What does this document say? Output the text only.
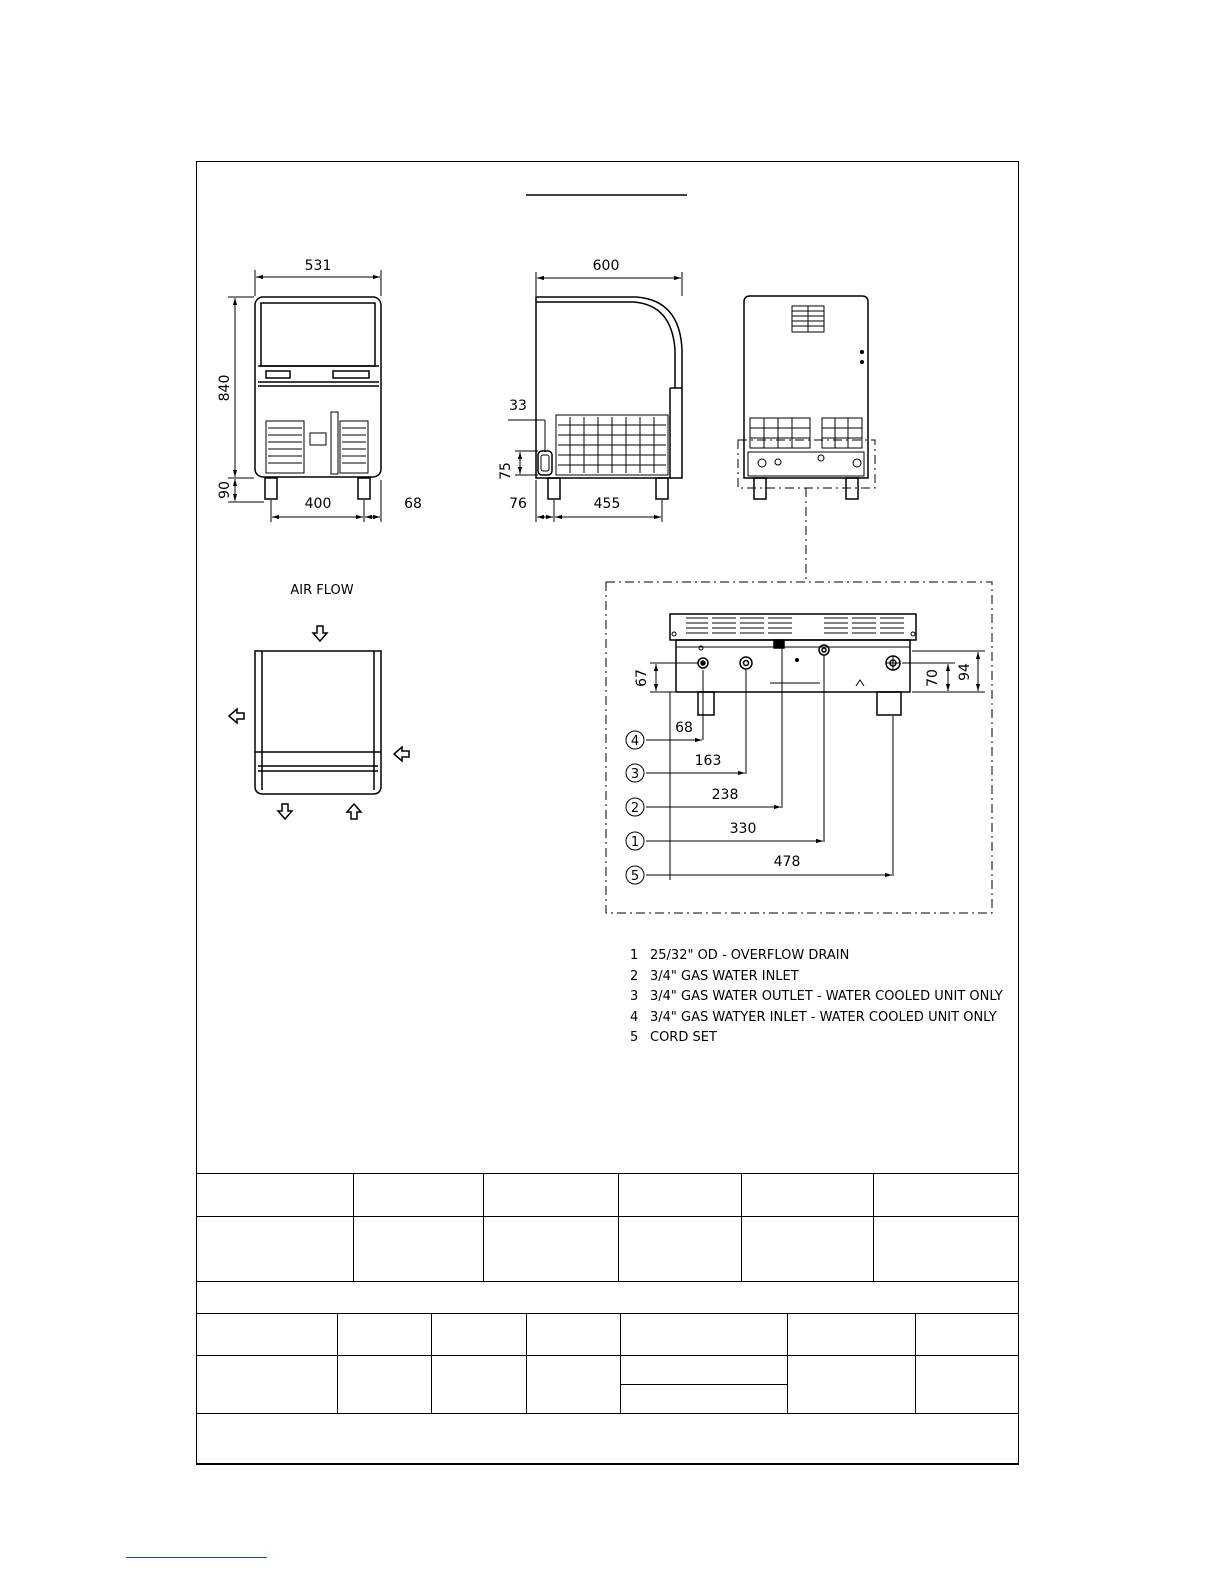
531
840
90
400	68
600
33
75
76	455
AIR FLOW
67	70 94
4
3
2
1
5
68
163
238
330
478
1 25/32" OD - OVERFLOW DRAIN
2 3/4" GAS WATER INLET
3 3/4" GAS WATER OUTLET - WATER COOLED UNIT ONLY
4 3/4" GAS WATYER INLET - WATER COOLED UNIT ONLY
5 CORD SET
